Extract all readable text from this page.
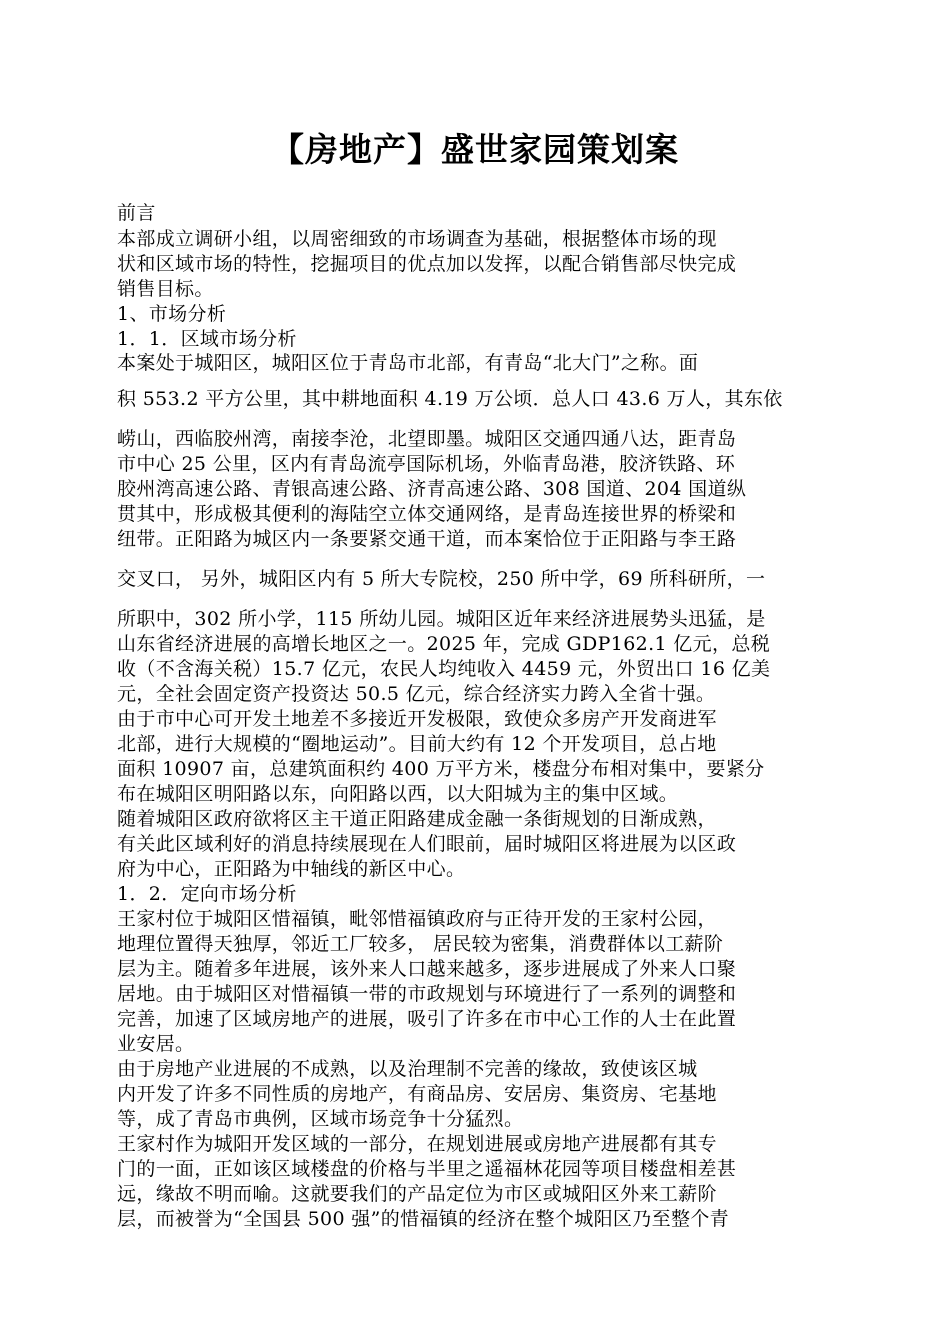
【房地产】盛世家园策划案
前言
本部成立调研小组，以周密细致的市场调查为基础，根据整体市场的现
状和区域市场的特性，挖掘项目的优点加以发挥，以配合销售部尽快完成
销售目标。
1、市场分析
1．1．区域市场分析
本案处于城阳区，城阳区位于青岛市北部，有青岛“北大门”之称。面
积 553.2 平方公里，其中耕地面积 4.19 万公顷．总人口 43.6 万人，其东依
崂山，西临胶州湾，南接李沧，北望即墨。城阳区交通四通八达，距青岛
市中心 25 公里，区内有青岛流亭国际机场，外临青岛港，胶济铁路、环
胶州湾高速公路、青银高速公路、济青高速公路、308 国道、204 国道纵
贯其中，形成极其便利的海陆空立体交通网络，是青岛连接世界的桥梁和
纽带。正阳路为城区内一条要紧交通干道，而本案恰位于正阳路与李王路
交叉口， 另外，城阳区内有 5 所大专院校，250 所中学，69 所科研所，一
所职中，302 所小学，115 所幼儿园。城阳区近年来经济进展势头迅猛，是
山东省经济进展的高增长地区之一。2025 年，完成 GDP162.1 亿元，总税
收（不含海关税）15.7 亿元，农民人均纯收入 4459 元，外贸出口 16 亿美
元，全社会固定资产投资达 50.5 亿元，综合经济实力跨入全省十强。
由于市中心可开发土地差不多接近开发极限，致使众多房产开发商进军
北部，进行大规模的“圈地运动”。目前大约有 12 个开发项目，总占地
面积 10907 亩，总建筑面积约 400 万平方米，楼盘分布相对集中，要紧分
布在城阳区明阳路以东，向阳路以西，以大阳城为主的集中区域。
随着城阳区政府欲将区主干道正阳路建成金融一条街规划的日渐成熟，
有关此区域利好的消息持续展现在人们眼前，届时城阳区将进展为以区政
府为中心，正阳路为中轴线的新区中心。
1．2．定向市场分析
王家村位于城阳区惜福镇，毗邻惜福镇政府与正待开发的王家村公园，
地理位置得天独厚，邻近工厂较多， 居民较为密集，消费群体以工薪阶
层为主。随着多年进展，该外来人口越来越多，逐步进展成了外来人口聚
居地。由于城阳区对惜福镇一带的市政规划与环境进行了一系列的调整和
完善，加速了区域房地产的进展，吸引了许多在市中心工作的人士在此置
业安居。
由于房地产业进展的不成熟，以及治理制不完善的缘故，致使该区城
内开发了许多不同性质的房地产，有商品房、安居房、集资房、宅基地
等，成了青岛市典例，区域市场竞争十分猛烈。
王家村作为城阳开发区域的一部分，在规划进展或房地产进展都有其专
门的一面，正如该区域楼盘的价格与半里之遥福林花园等项目楼盘相差甚
远，缘故不明而喻。这就要我们的产品定位为市区或城阳区外来工薪阶
层，而被誉为“全国县 500 强”的惜福镇的经济在整个城阳区乃至整个青
